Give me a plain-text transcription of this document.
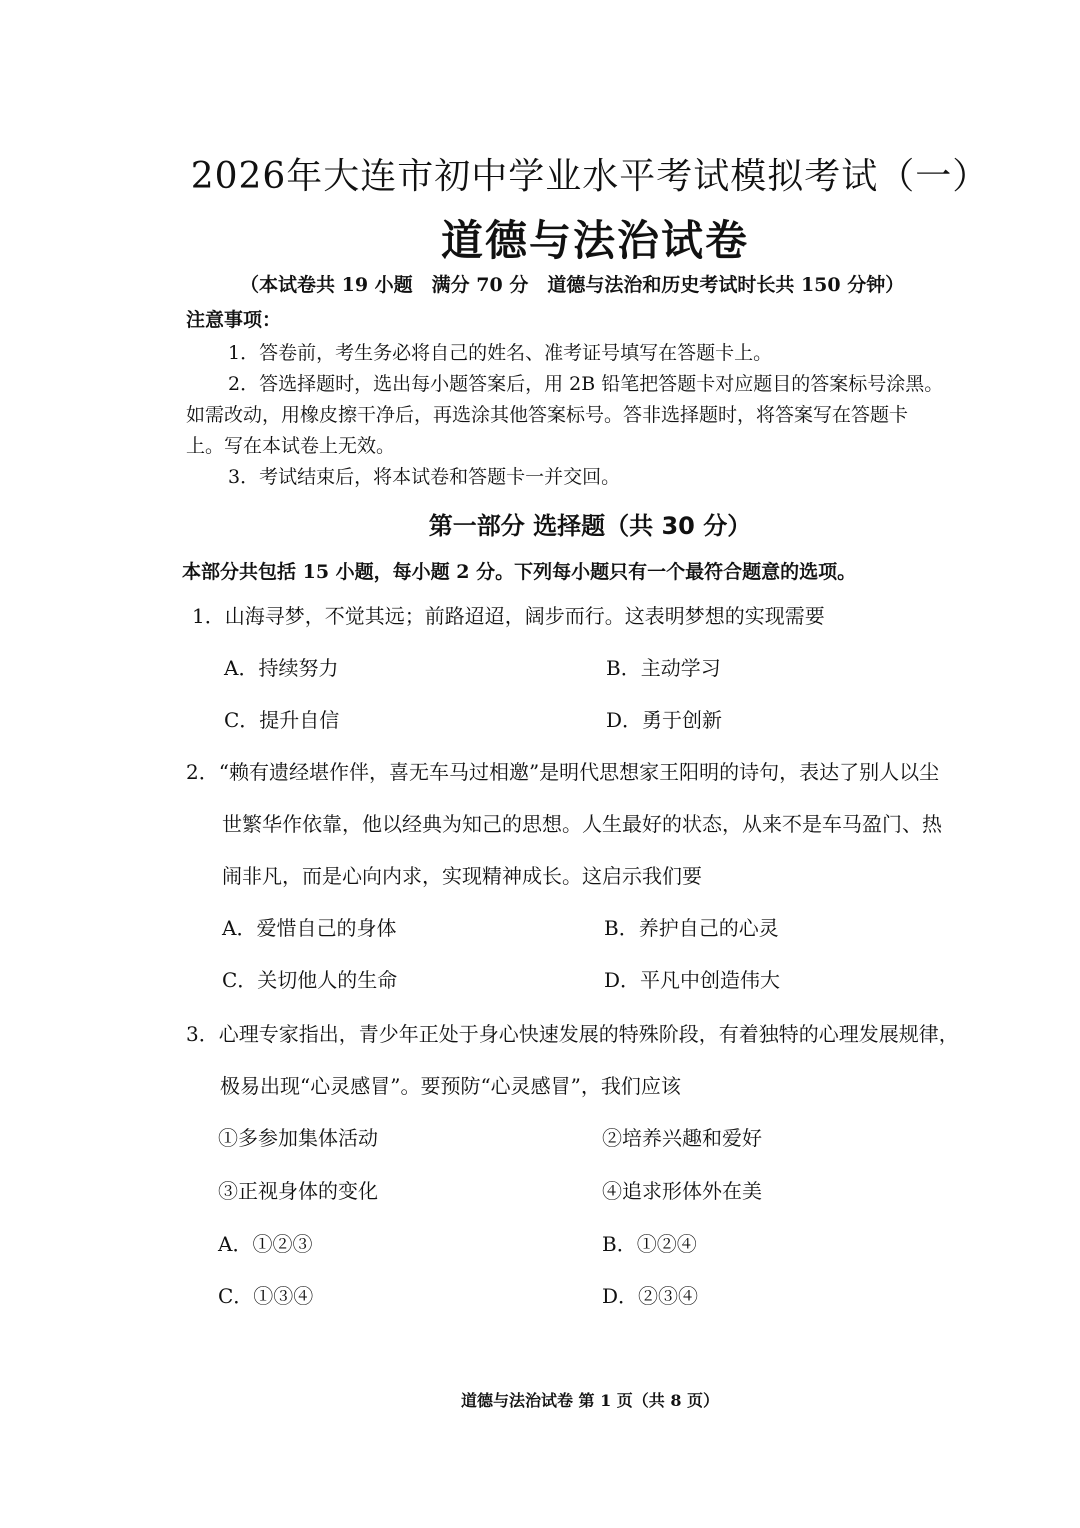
2026年大连市初中学业水平考试模拟考试（一）
道德与法治试卷
（本试卷共 19 小题　满分 70 分　道德与法治和历史考试时长共 150 分钟）
注意事项：
1．答卷前，考生务必将自己的姓名、准考证号填写在答题卡上。
2．答选择题时，选出每小题答案后，用 2B 铅笔把答题卡对应题目的答案标号涂黑。
如需改动，用橡皮擦干净后，再选涂其他答案标号。答非选择题时，将答案写在答题卡
上。写在本试卷上无效。
3．考试结束后，将本试卷和答题卡一并交回。
第一部分 选择题（共 30 分）
本部分共包括 15 小题，每小题 2 分。下列每小题只有一个最符合题意的选项。
1．山海寻梦，不觉其远；前路迢迢，阔步而行。这表明梦想的实现需要
A．持续努力	B．主动学习
C．提升自信	D．勇于创新
2．“赖有遗经堪作伴，喜无车马过相邀”是明代思想家王阳明的诗句，表达了别人以尘
世繁华作依靠，他以经典为知己的思想。人生最好的状态，从来不是车马盈门、热
闹非凡，而是心向内求，实现精神成长。这启示我们要
A．爱惜自己的身体	B．养护自己的心灵
C．关切他人的生命	D．平凡中创造伟大
3．心理专家指出，青少年正处于身心快速发展的特殊阶段，有着独特的心理发展规律，
极易出现“心灵感冒”。要预防“心灵感冒”，我们应该
①多参加集体活动	②培养兴趣和爱好
③正视身体的变化	④追求形体外在美
A．①②③	B．①②④
C．①③④	D．②③④
道德与法治试卷 第 1 页（共 8 页）
